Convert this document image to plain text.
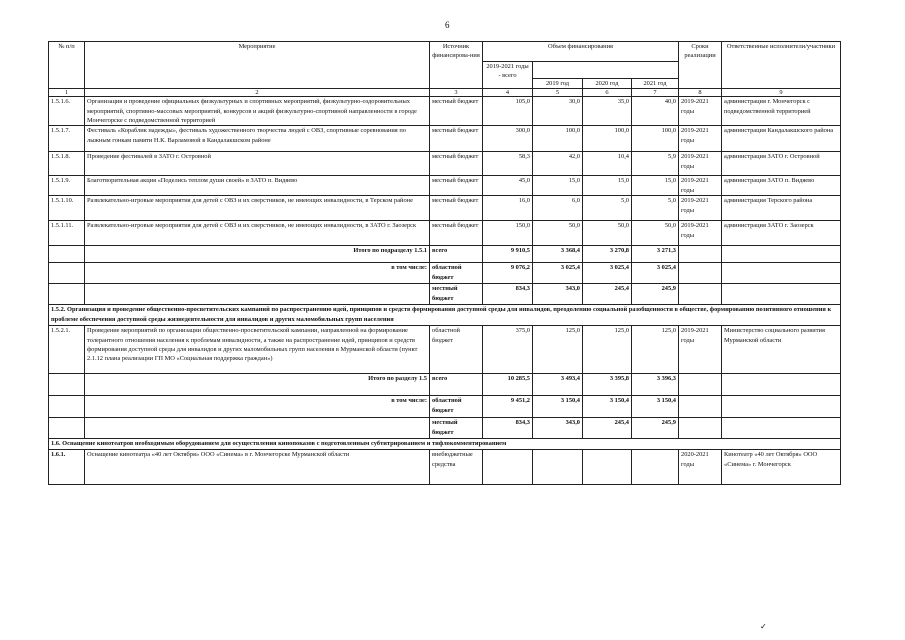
6
№ п/п	Мероприятие	Источник финансирова-ния	Объем финансирования				Сроки реализации	Ответственные исполнители/участники
			2019-2021 годы - всего					
				2019 год	2020 год	2021 год		
1	2	3	4	5	6	7	8	9
1.5.1.6.	Организация и проведение официальных физкультурных и спортивных мероприятий, физкультурно-оздоровительных мероприятий, спортивно-массовых мероприятий, конкурсов и акций физкультурно-спортивной направленности в городе Мончегорске с подведомственной территорией	местный бюджет	105,0	30,0	35,0	40,0	2019-2021 годы	администрация г. Мончегорск с подведомственной территорией
1.5.1.7.	Фестиваль «Кораблик надежды», фестиваль художественного творчества людей с ОВЗ, спортивные соревнования по лыжным гонкам памяти Н.К. Варламовой в Кандалакшском районе	местный бюджет	300,0	100,0	100,0	100,0	2019-2021 годы	администрация Кандалакшского района
1.5.1.8.	Проведение фестивалей в ЗАТО г. Островной	местный бюджет	58,3	42,0	10,4	5,9	2019-2021 годы	администрация ЗАТО г. Островной
1.5.1.9.	Благотворительная акция «Поделись теплом души своей» в ЗАТО п. Видяево	местный бюджет	45,0	15,0	15,0	15,0	2019-2021 годы	администрация ЗАТО п. Видяево
1.5.1.10.	Развлекательно-игровые мероприятия для детей с ОВЗ и их сверстников, не имеющих инвалидности, в Терском районе	местный бюджет	16,0	6,0	5,0	5,0	2019-2021 годы	администрация Терского района
1.5.1.11.	Развлекательно-игровые мероприятия для детей с ОВЗ и их сверстников, не имеющих инвалидности, в ЗАТО г. Заозерск	местный бюджет	150,0	50,0	50,0	50,0	2019-2021 годы	администрация ЗАТО г. Заозерск
	Итого по подразделу 1.5.1	всего	9 910,5	3 368,4	3 270,8	3 271,3		
	в том числе:	областной бюджет	9 076,2	3 025,4	3 025,4	3 025,4		
		местный бюджет	834,3	343,0	245,4	245,9		
1.5.2. Организация и проведение общественно-просветительских кампаний по распространению идей, принципов и средств формирования доступной среды для инвалидов, преодолению социальной разобщенности в обществе, формированию позитивного отношения к проблеме обеспечения доступной среды жизнедеятельности для инвалидов и других маломобильных групп населения								
1.5.2.1.	Проведение мероприятий по организации общественно-просветительской кампании, направленной на формирование толерантного отношения населения к проблемам инвалидности, а также на распространение идей, принципов и средств формирования доступной среды для инвалидов и других маломобильных групп населения в Мурманской области (пункт 2.1.12 плана реализации ГП МО «Социальная поддержка граждан»)	областной бюджет	375,0	125,0	125,0	125,0	2019-2021 годы	Министерство социального развития Мурманской области
	Итого по разделу 1.5	всего	10 285,5	3 493,4	3 395,8	3 396,3		
	в том числе:	областной бюджет	9 451,2	3 150,4	3 150,4	3 150,4		
		местный бюджет	834,3	343,0	245,4	245,9		
1.6. Оснащение кинотеатров необходимым оборудованием для осуществления кинопоказов с подготовленным субтитрированием и тифлокомментированием								
1.6.1.	Оснащение кинотеатра «40 лет Октября» ООО «Синема» в г. Мончегорске Мурманской области	внебюджетные средства					2020-2021 годы	Кинотеатр «40 лет Октября» ООО «Синема» г. Мончегорск
✓
